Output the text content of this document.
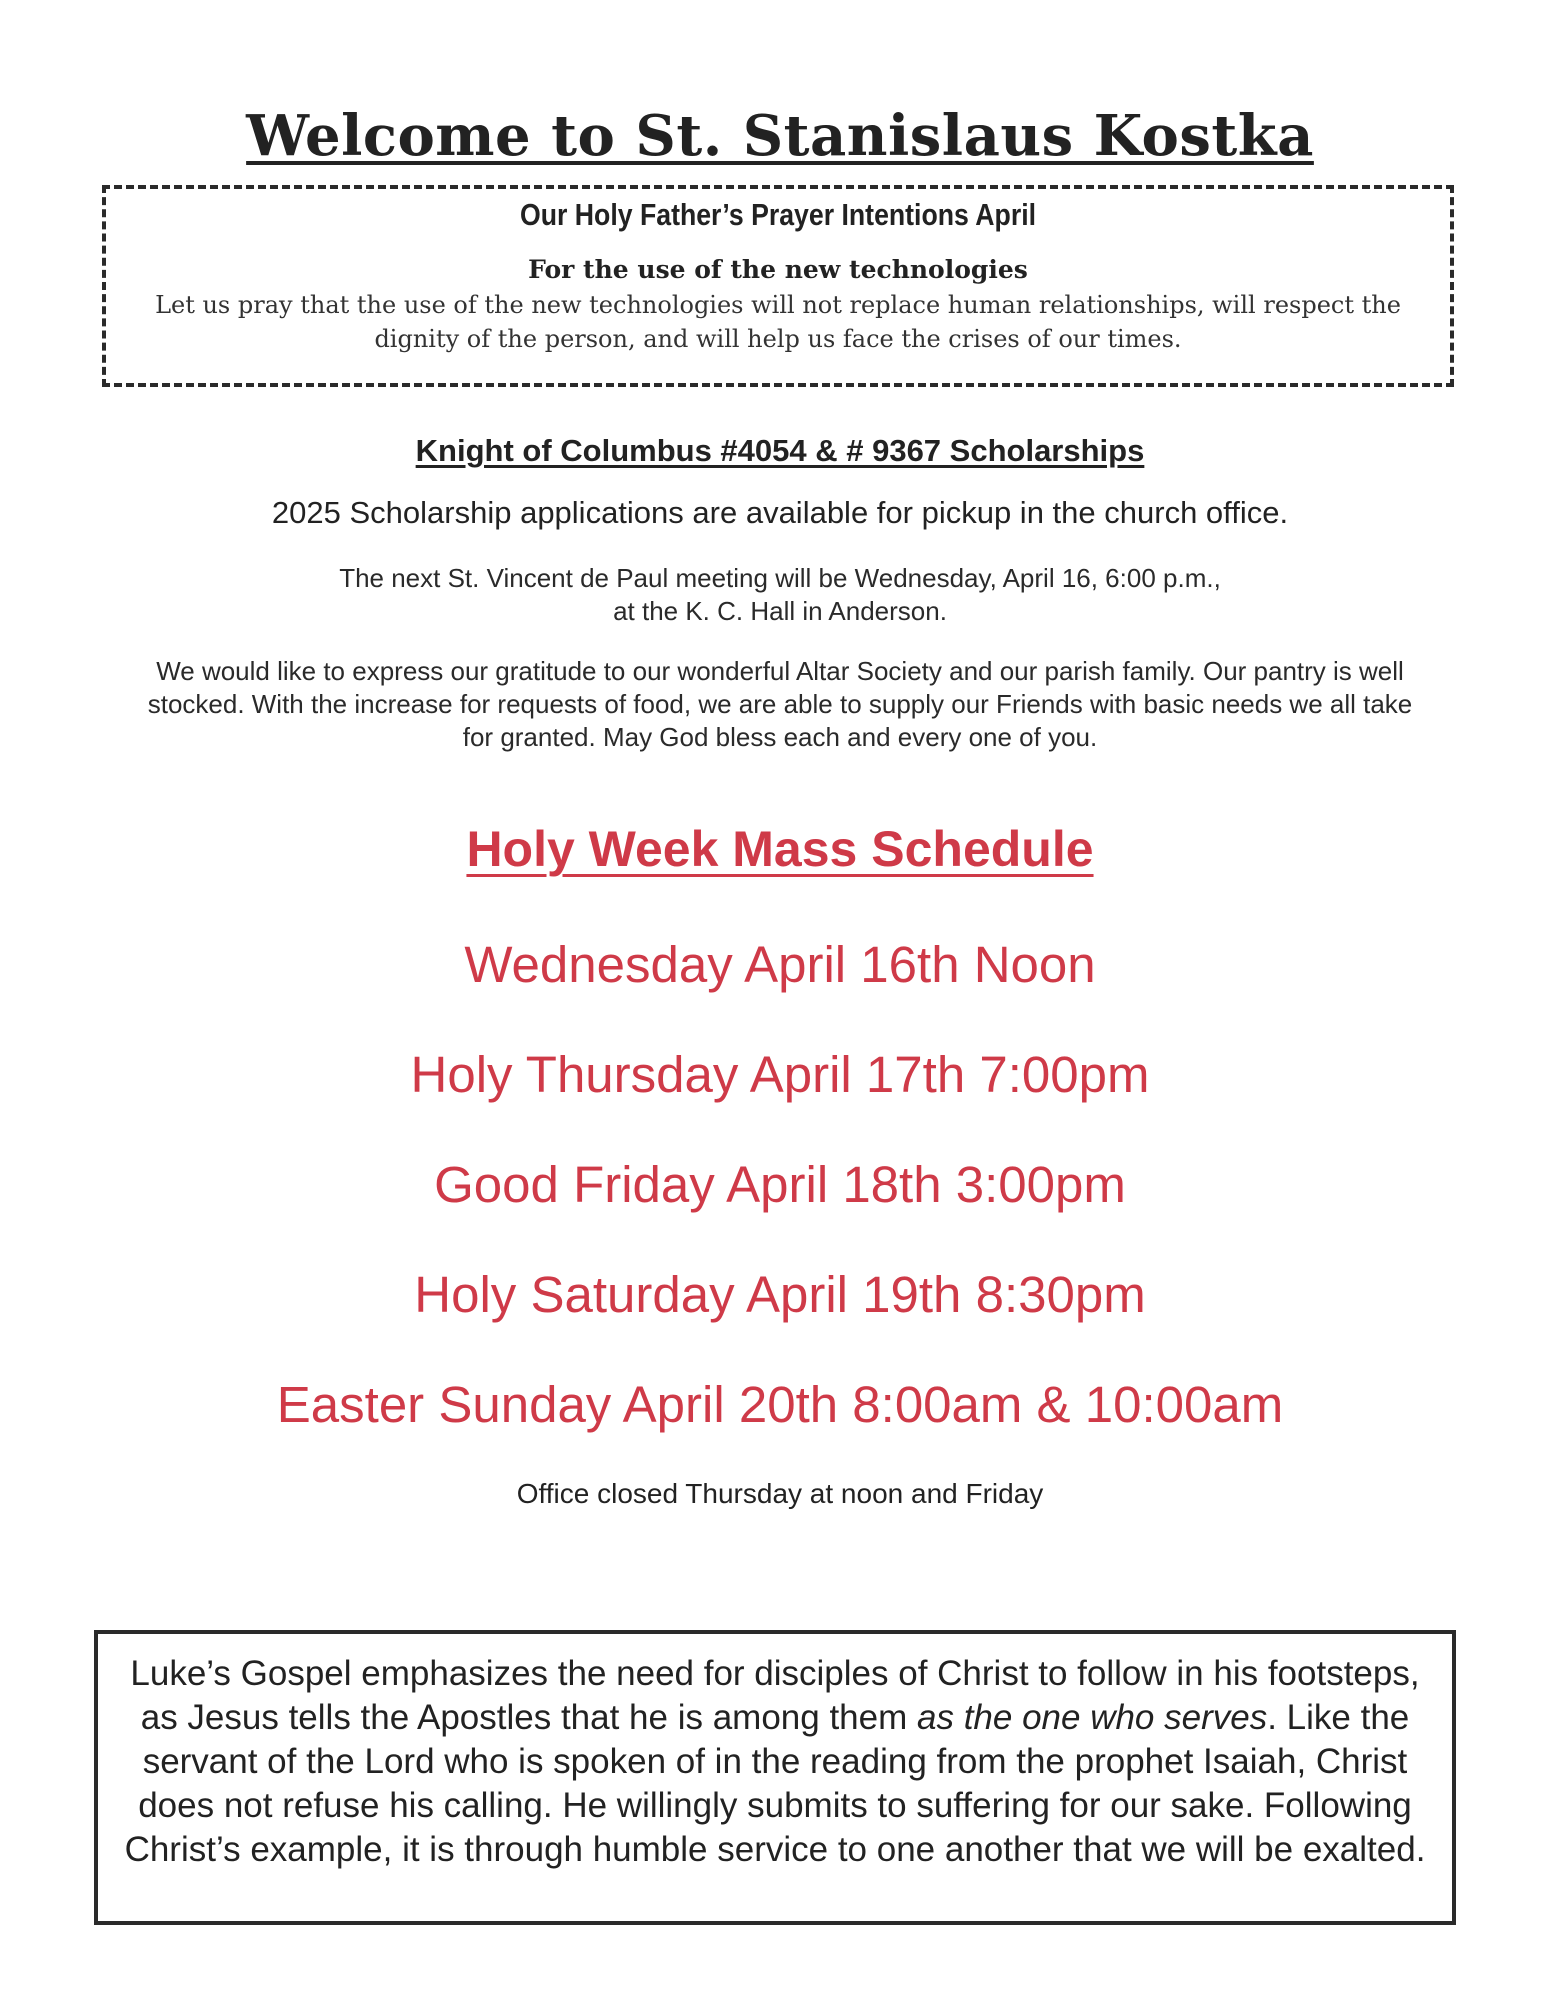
Welcome to St. Stanislaus Kostka
Our Holy Father’s Prayer Intentions April
For the use of the new technologies
Let us pray that the use of the new technologies will not replace human relationships, will respect the dignity of the person, and will help us face the crises of our times.
Knight of Columbus #4054 & # 9367 Scholarships
2025 Scholarship applications are available for pickup in the church office.
The next St. Vincent de Paul meeting will be Wednesday, April 16, 6:00 p.m.,
at the K. C. Hall in Anderson.
We would like to express our gratitude to our wonderful Altar Society and our parish family. Our pantry is well stocked. With the increase for requests of food, we are able to supply our Friends with basic needs we all take for granted. May God bless each and every one of you.
Holy Week Mass Schedule
Wednesday April 16th Noon
Holy Thursday April 17th 7:00pm
Good Friday April 18th 3:00pm
Holy Saturday April 19th 8:30pm
Easter Sunday April 20th 8:00am & 10:00am
Office closed Thursday at noon and Friday
Luke’s Gospel emphasizes the need for disciples of Christ to follow in his footsteps, as Jesus tells the Apostles that he is among them as the one who serves. Like the servant of the Lord who is spoken of in the reading from the prophet Isaiah, Christ does not refuse his calling. He willingly submits to suffering for our sake. Following Christ’s example, it is through humble service to one another that we will be exalted.
